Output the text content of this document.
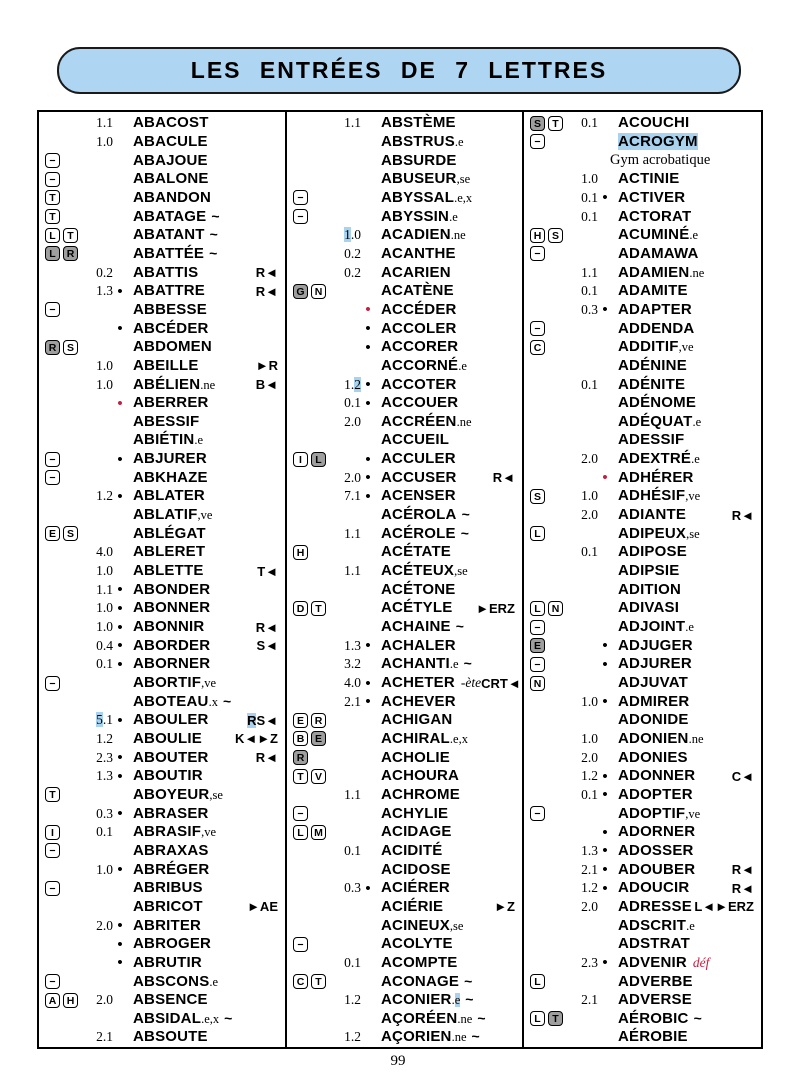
LES ENTRÉES DE 7 LETTRES
1.1 ABACOST
1.0 ABACULE
−	ABAJOUE
−	ABALONE
T	ABANDON
T	ABATAGE ~
L	T	ABATANT ~
L	R	ABATTÉE ~
0.2 ABATTIS	R◄
1.3 • ABATTRE	R◄
−	ABBESSE
• ABCÉDER
R	S	ABDOMEN
1.0 ABEILLE	►R
1.0 ABÉLIEN.ne	B◄
• ABERRER
ABESSIF
ABIÉTIN.e
−	• ABJURER
−	ABKHAZE
1.2 • ABLATER
ABLATIF,ve
E	S	ABLÉGAT
4.0 ABLERET
1.0 ABLETTE	T◄
1.1 • ABONDER
1.0 • ABONNER
1.0 • ABONNIR	R◄
0.4 • ABORDER	S◄
0.1 • ABORNER
−	ABORTIF,ve
ABOTEAU.x ~
5.1 • ABOULER	RS◄
1.2 ABOULIE	K◄►Z
2.3 • ABOUTER	R◄
1.3 • ABOUTIR
T	ABOYEUR,se
0.3 • ABRASER
I	0.1 ABRASIF,ve
−	ABRAXAS
1.0 • ABRÉGER
−	ABRIBUS
ABRICOT	►AE
2.0 • ABRITER
• ABROGER
• ABRUTIR
−	ABSCONS.e
A H	2.0 ABSENCE
ABSIDAL.e,x ~
2.1 ABSOUTE
1.1 ABSTÈME
ABSTRUS.e
ABSURDE
ABUSEUR,se
−	ABYSSAL.e,x
−	ABYSSIN.e
1.0 ACADIEN.ne
0.2 ACANTHE
0.2 ACARIEN
G N	ACATÈNE
• ACCÉDER
• ACCOLER
• ACCORER
ACCORNÉ.e
1.2 • ACCOTER
0.1 • ACCOUER
2.0 ACCRÉEN.ne
ACCUEIL
I	L	• ACCULER
2.0 • ACCUSER	R◄
7.1 • ACENSER
ACÉROLA ~
1.1 ACÉROLE ~
H	ACÉTATE
1.1 ACÉTEUX,se
ACÉTONE
D	T	ACÉTYLE ►ERZ
ACHAINE ~
1.3 • ACHALER
3.2 ACHANTI.e ~
4.0 • ACHETER -ète CRT◄
2.1 • ACHEVER
E	R	ACHIGAN
B	E	ACHIRAL.e,x
R	ACHOLIE
T	V	ACHOURA
1.1 ACHROME
−	ACHYLIE
L M	ACIDAGE
0.1 ACIDITÉ
ACIDOSE
0.3 • ACIÉRER
ACIÉRIE	►Z
ACINEUX,se
−	ACOLYTE
0.1 ACOMPTE
C	T	ACONAGE ~
1.2 ACONIER.e ~
AÇORÉEN.ne ~
1.2 AÇORIEN.ne ~
S	T	0.1 ACOUCHI
−	ACROGYM
Gym acrobatique
1.0 ACTINIE
0.1 • ACTIVER
0.1 ACTORAT
H	S	ACUMINÉ.e
−	ADAMAWA
1.1 ADAMIEN.ne
0.1 ADAMITE
0.3 • ADAPTER
−	ADDENDA
C	ADDITIF,ve
ADÉNINE
0.1 ADÉNITE
ADÉNOME
ADÉQUAT.e
ADESSIF
2.0 ADEXTRÉ.e
• ADHÉRER
S	1.0 ADHÉSIF,ve
2.0 ADIANTE	R◄
L	ADIPEUX,se
0.1 ADIPOSE
ADIPSIE
ADITION
L	N	ADIVASI
−	ADJOINT.e
E	• ADJUGER
−	• ADJURER
N	ADJUVAT
1.0 • ADMIRER
ADONIDE
1.0 ADONIEN.ne
2.0 ADONIES
1.2 • ADONNER	C◄
0.1 • ADOPTER
−	ADOPTIF,ve
• ADORNER
1.3 • ADOSSER
2.1 • ADOUBER	R◄
1.2 • ADOUCIR	R◄
2.0 ADRESSE L◄►ERZ
ADSCRIT.e
ADSTRAT
2.3 • ADVENIR déf
L	ADVERBE
2.1 ADVERSE
L	T	AÉROBIC ~
AÉROBIE
99
